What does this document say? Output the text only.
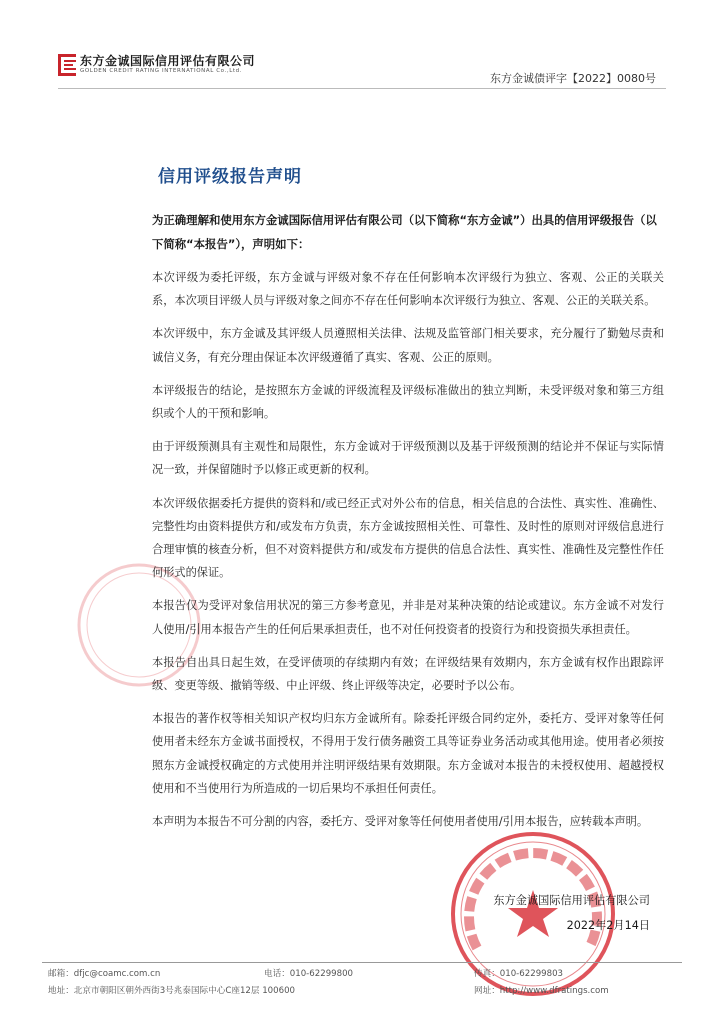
东方金诚国际信用评估有限公司
GOLDEN CREDIT RATING INTERNATIONAL Co.,Ltd.
东方金诚债评字【2022】0080号
信用评级报告声明

为正确理解和使用东方金诚国际信用评估有限公司（以下简称“东方金诚”）出具的信用评级报告（以下简称“本报告”），声明如下：

本次评级为委托评级，东方金诚与评级对象不存在任何影响本次评级行为独立、客观、公正的关联关系，本次项目评级人员与评级对象之间亦不存在任何影响本次评级行为独立、客观、公正的关联关系。

本次评级中，东方金诚及其评级人员遵照相关法律、法规及监管部门相关要求，充分履行了勤勉尽责和诚信义务，有充分理由保证本次评级遵循了真实、客观、公正的原则。

本评级报告的结论，是按照东方金诚的评级流程及评级标准做出的独立判断，未受评级对象和第三方组织或个人的干预和影响。

由于评级预测具有主观性和局限性，东方金诚对于评级预测以及基于评级预测的结论并不保证与实际情况一致，并保留随时予以修正或更新的权利。

本次评级依据委托方提供的资料和/或已经正式对外公布的信息，相关信息的合法性、真实性、准确性、完整性均由资料提供方和/或发布方负责，东方金诚按照相关性、可靠性、及时性的原则对评级信息进行合理审慎的核查分析，但不对资料提供方和/或发布方提供的信息合法性、真实性、准确性及完整性作任何形式的保证。

本报告仅为受评对象信用状况的第三方参考意见，并非是对某种决策的结论或建议。东方金诚不对发行人使用/引用本报告产生的任何后果承担责任，也不对任何投资者的投资行为和投资损失承担责任。

本报告自出具日起生效，在受评债项的存续期内有效；在评级结果有效期内，东方金诚有权作出跟踪评级、变更等级、撤销等级、中止评级、终止评级等决定，必要时予以公布。

本报告的著作权等相关知识产权均归东方金诚所有。除委托评级合同约定外，委托方、受评对象等任何使用者未经东方金诚书面授权，不得用于发行债务融资工具等证券业务活动或其他用途。使用者必须按照东方金诚授权确定的方式使用并注明评级结果有效期限。东方金诚对本报告的未授权使用、超越授权使用和不当使用行为所造成的一切后果均不承担任何责任。

本声明为本报告不可分割的内容，委托方、受评对象等任何使用者使用/引用本报告，应转载本声明。

东方金诚国际信用评估有限公司
2022年2月14日
邮箱：dfjc@coamc.com.cn	电话：010-62299800	传真：010-62299803
地址：北京市朝阳区朝外西街3号兆泰国际中心C座12层 100600	网址：http://www.dfratings.com
